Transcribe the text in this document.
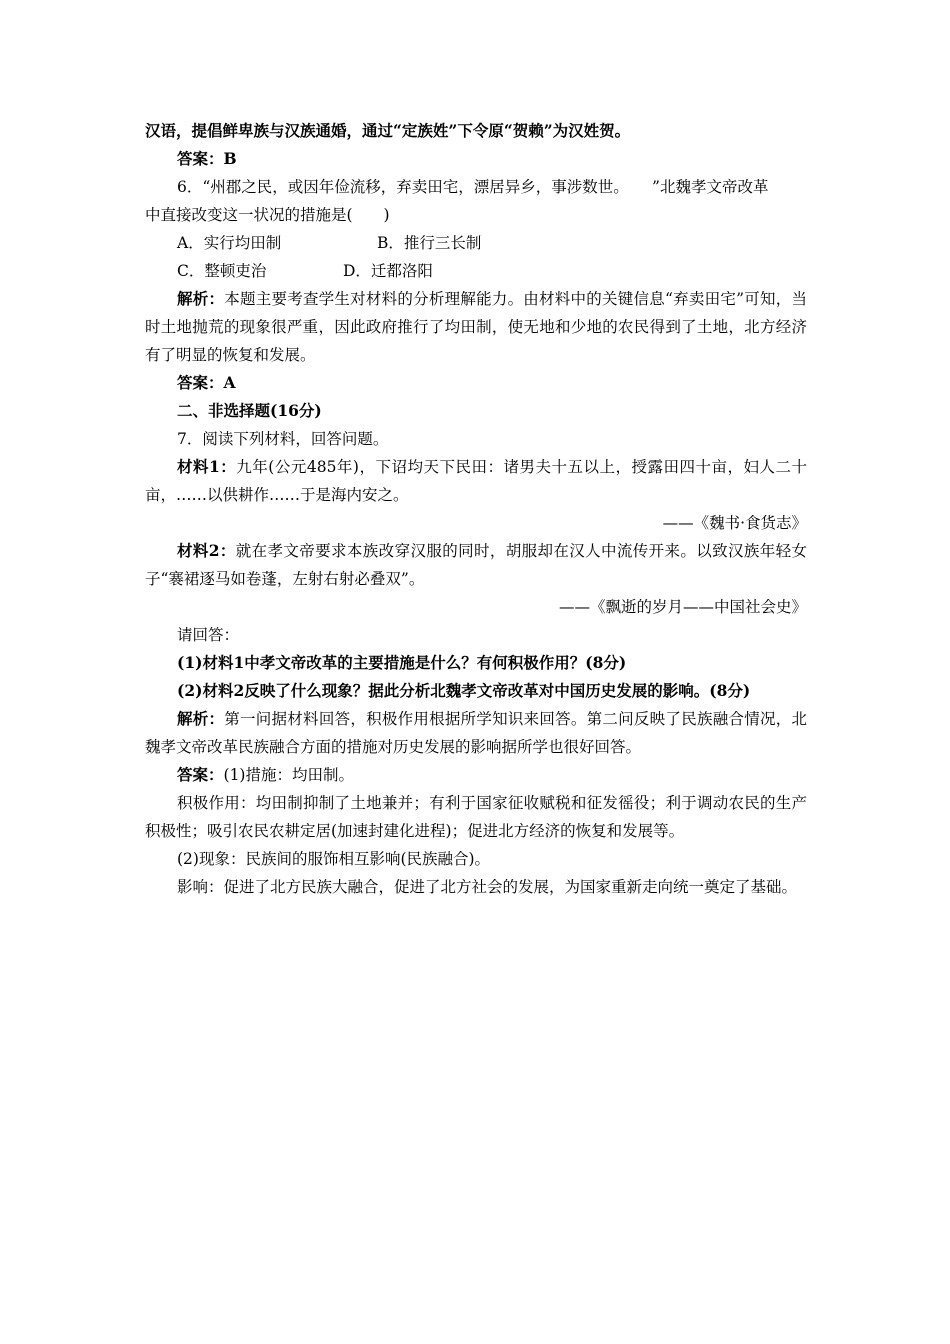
汉语，提倡鲜卑族与汉族通婚，通过“定族姓”下令原“贺赖”为汉姓贺。
答案：B
6．“州郡之民，或因年俭流移，弃卖田宅，漂居异乡，事涉数世。　　”北魏孝文帝改革
中直接改变这一状况的措施是(　　)
A．实行均田制	B．推行三长制
C．整顿吏治	D．迁都洛阳
解析：本题主要考查学生对材料的分析理解能力。由材料中的关键信息“弃卖田宅”可知，当时土地抛荒的现象很严重，因此政府推行了均田制，使无地和少地的农民得到了土地，北方经济有了明显的恢复和发展。
答案：A
二、非选择题(16分)
7．阅读下列材料，回答问题。
材料1：九年(公元485年)，下诏均天下民田：诸男夫十五以上，授露田四十亩，妇人二十亩，……以供耕作……于是海内安之。
——《魏书·食货志》
材料2：就在孝文帝要求本族改穿汉服的同时，胡服却在汉人中流传开来。以致汉族年轻女子“褰裙逐马如卷蓬，左射右射必叠双”。
——《飘逝的岁月——中国社会史》
请回答：
(1)材料1中孝文帝改革的主要措施是什么？有何积极作用？(8分)
(2)材料2反映了什么现象？据此分析北魏孝文帝改革对中国历史发展的影响。(8分)
解析：第一问据材料回答，积极作用根据所学知识来回答。第二问反映了民族融合情况，北魏孝文帝改革民族融合方面的措施对历史发展的影响据所学也很好回答。
答案：(1)措施：均田制。
积极作用：均田制抑制了土地兼并；有利于国家征收赋税和征发徭役；利于调动农民的生产积极性；吸引农民农耕定居(加速封建化进程)；促进北方经济的恢复和发展等。
(2)现象：民族间的服饰相互影响(民族融合)。
影响：促进了北方民族大融合，促进了北方社会的发展，为国家重新走向统一奠定了基础。
